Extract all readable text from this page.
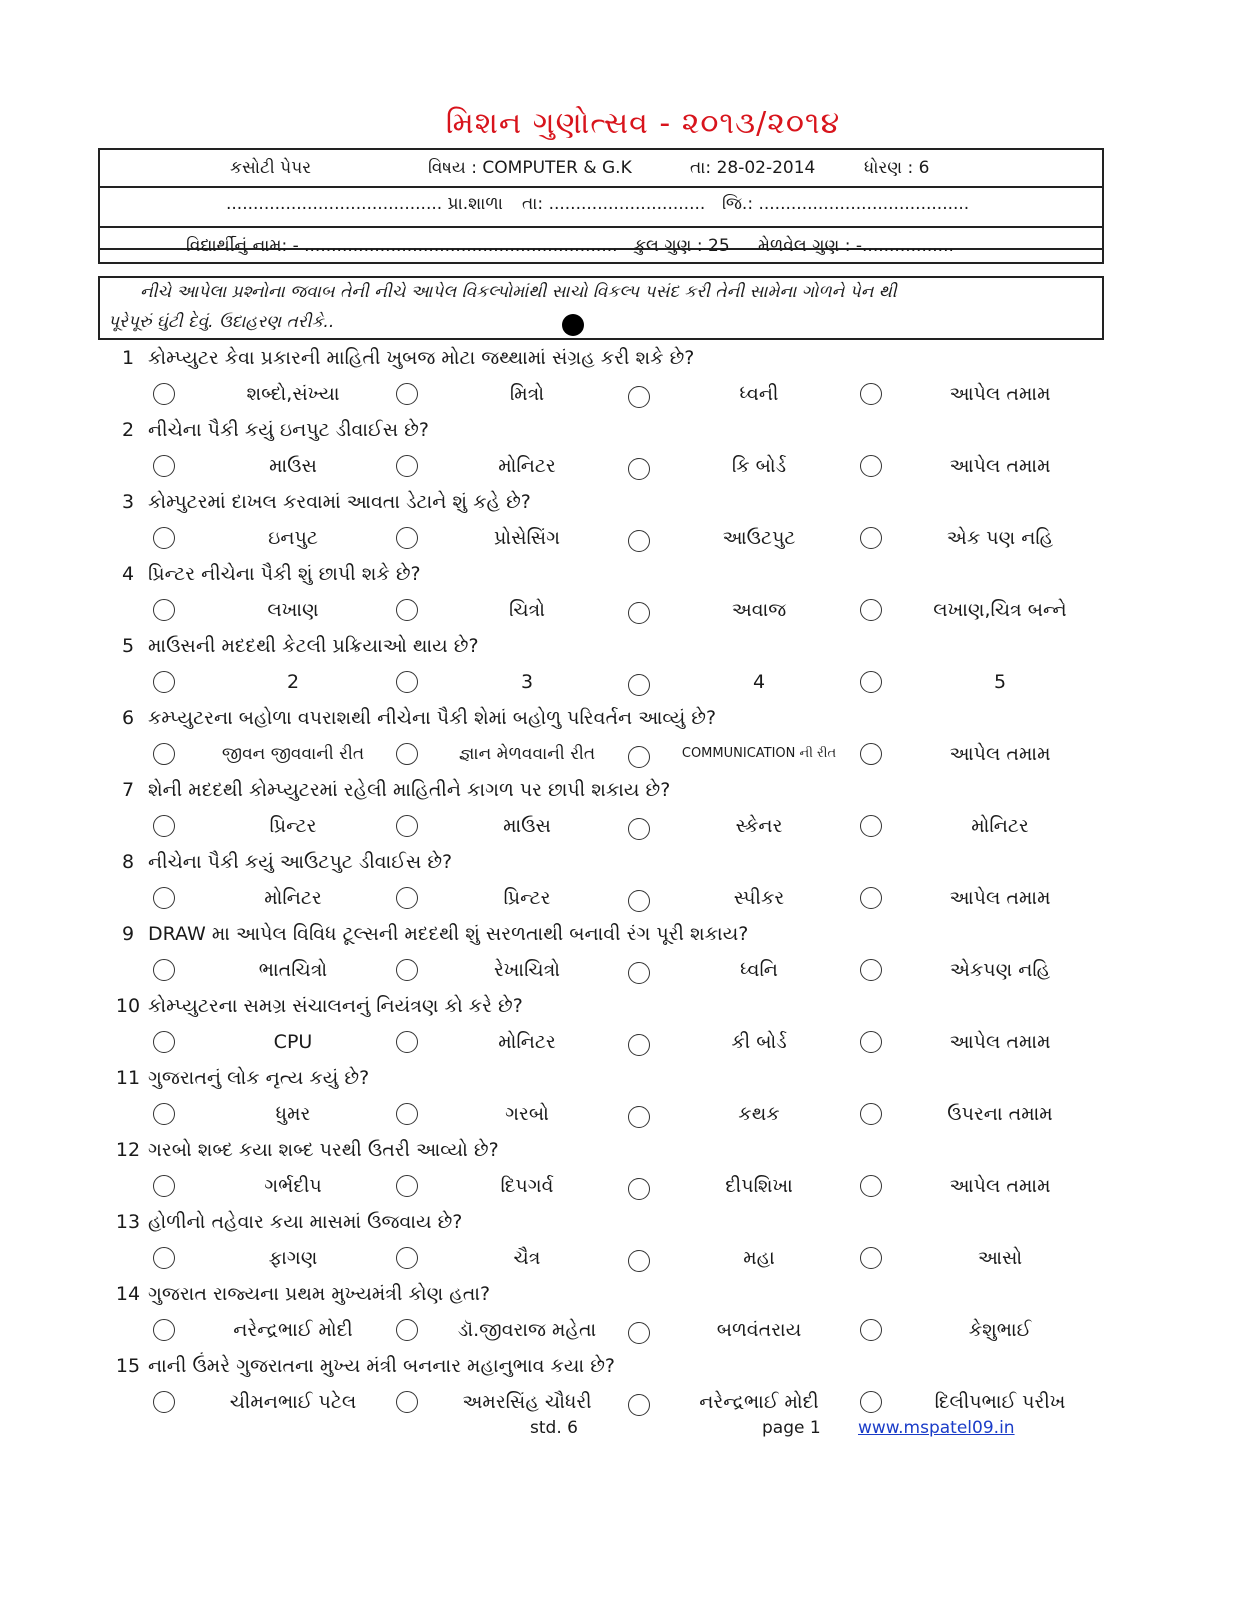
મિશન ગુણોત્સવ - ૨૦૧૩/૨૦૧૪
કસોટી પેપર	વિષય : COMPUTER & G.K	તા: 28-02-2014	ધોરણ : 6
........................................ પ્રા.શાળા તા: ............................. જિ.: .......................................
વિદ્યાર્થીનું નામ: - .......................................................... કુલ ગુણ : 25 મેળવેલ ગુણ : -.................
નીચે આપેલા પ્રશ્નોના જવાબ તેની નીચે આપેલ વિકલ્પોમાંથી સાચો વિકલ્પ પસંદ કરી તેની સામેના ગોળને પેન થી
પૂરેપૂરું ઘુંટી દેવું. ઉદાહરણ તરીકે..
1 કોમ્પ્યુટર કેવા પ્રકારની માહિતી ખુબજ મોટા જથ્થામાં સંગ્રહ કરી શકે છે?
શબ્દો,સંખ્યા	મિત્રો	ધ્વની	આપેલ તમામ
2 નીચેના પૈકી કયું ઇનપુટ ડીવાઈસ છે?
માઉસ	મોનિટર	કિ બોર્ડ	આપેલ તમામ
3 કોમ્પુટરમાં દાખલ કરવામાં આવતા ડેટાને શું કહે છે?
ઇનપુટ	પ્રોસેસિંગ	આઉટપુટ	એક પણ નહિ
4 પ્રિન્ટર નીચેના પૈકી શું છાપી શકે છે?
લખાણ	ચિત્રો	અવાજ	લખાણ,ચિત્ર બન્ને
5 માઉસની મદદથી કેટલી પ્રક્રિયાઓ થાય છે?
2	3	4	5
6 કમ્પ્યુટરના બહોળા વપરાશથી નીચેના પૈકી શેમાં બહોળુ પરિવર્તન આવ્યું છે?
જીવન જીવવાની રીત	જ્ઞાન મેળવવાની રીત	COMMUNICATION ની રીત	આપેલ તમામ
7 શેની મદદથી કોમ્પ્યુટરમાં રહેલી માહિતીને કાગળ પર છાપી શકાય છે?
પ્રિન્ટર	માઉસ	સ્કેનર	મોનિટર
8 નીચેના પૈકી કયું આઉટપુટ ડીવાઈસ છે?
મોનિટર	પ્રિન્ટર	સ્પીકર	આપેલ તમામ
9 DRAW મા આપેલ વિવિધ ટૂલ્સની મદદથી શું સરળતાથી બનાવી રંગ પૂરી શકાય?
ભાતચિત્રો	રેખાચિત્રો	ધ્વનિ	એકપણ નહિ
10 કોમ્પ્યુટરના સમગ્ર સંચાલનનું નિયંત્રણ કો કરે છે?
CPU	મોનિટર	કી બોર્ડ	આપેલ તમામ
11 ગુજરાતનું લોક નૃત્ય કયું છે?
ધુમર	ગરબો	કથક	ઉપરના તમામ
12 ગરબો શબ્દ કયા શબ્દ પરથી ઉતરી આવ્યો છે?
ગર્ભદીપ	દિપગર્વ	દીપશિખા	આપેલ તમામ
13 હોળીનો તહેવાર કયા માસમાં ઉજવાય છે?
ફાગણ	ચૈત્ર	મહા	આસો
14 ગુજરાત રાજ્યના પ્રથમ મુખ્યમંત્રી કોણ હતા?
નરેન્દ્રભાઈ મોદી	ડૉ.જીવરાજ મહેતા	બળવંતરાય	કેશુભાઈ
15 નાની ઉંમરે ગુજરાતના મુખ્ય મંત્રી બનનાર મહાનુભાવ કયા છે?
ચીમનભાઈ પટેલ	અમરસિંહ ચૌધરી	નરેન્દ્રભાઈ મોદી	દિલીપભાઈ પરીખ
std. 6	page 1 www.mspatel09.in
